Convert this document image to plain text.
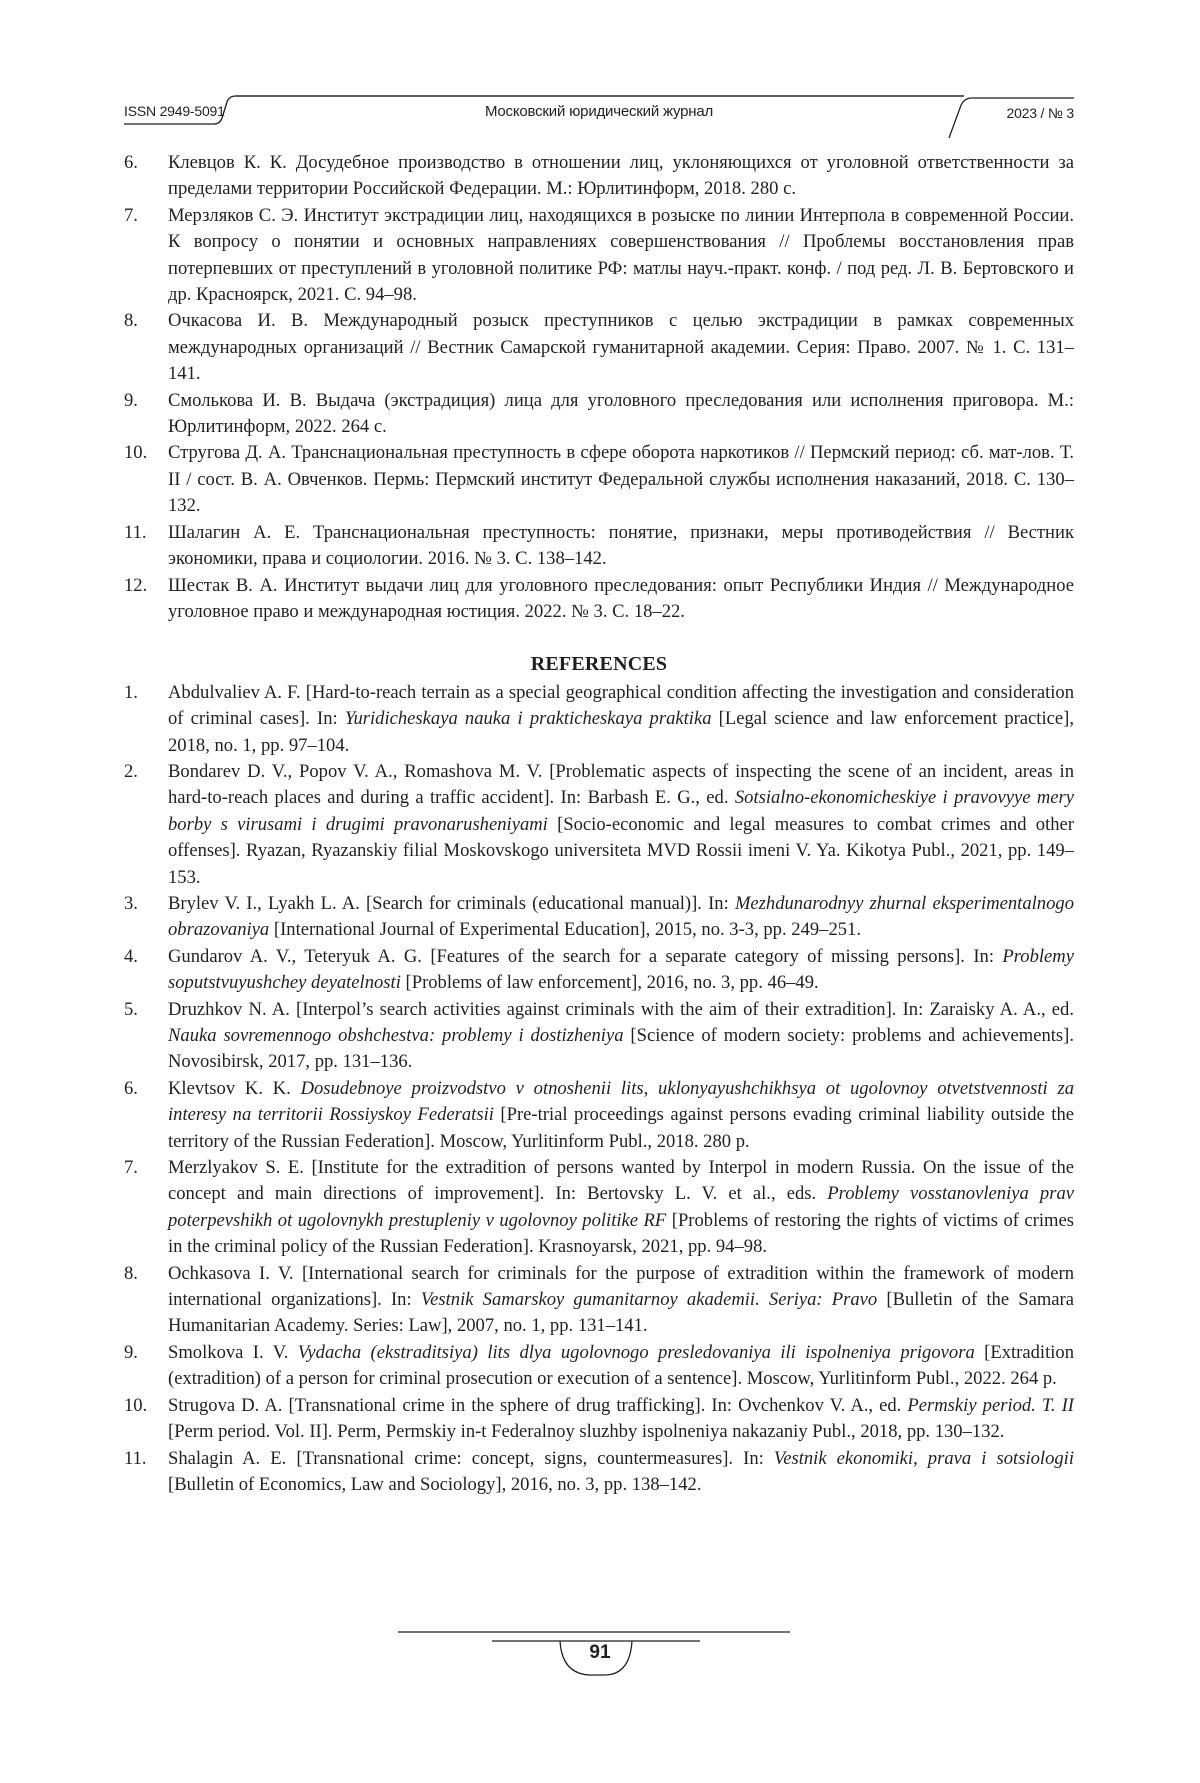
ISSN 2949-5091	Московский юридический журнал	2023 / № 3
6.	Клевцов К. К. Досудебное производство в отношении лиц, уклоняющихся от уголовной ответственности за пределами территории Российской Федерации. М.: Юрлитинформ, 2018. 280 с.
7.	Мерзляков С. Э. Институт экстрадиции лиц, находящихся в розыске по линии Интерпола в современной России. К вопросу о понятии и основных направлениях совершенствования // Проблемы восстановления прав потерпевших от преступлений в уголовной политике РФ: матлы науч.-практ. конф. / под ред. Л. В. Бертовского и др. Красноярск, 2021. С. 94–98.
8.	Очкасова И. В. Международный розыск преступников с целью экстрадиции в рамках современных международных организаций // Вестник Самарской гуманитарной академии. Серия: Право. 2007. № 1. С. 131–141.
9.	Смолькова И. В. Выдача (экстрадиция) лица для уголовного преследования или исполнения приговора. М.: Юрлитинформ, 2022. 264 с.
10.	Стругова Д. А. Транснациональная преступность в сфере оборота наркотиков // Пермский период: сб. мат-лов. Т. II / сост. В. А. Овченков. Пермь: Пермский институт Федеральной службы исполнения наказаний, 2018. С. 130–132.
11.	Шалагин А. Е. Транснациональная преступность: понятие, признаки, меры противодействия // Вестник экономики, права и социологии. 2016. № 3. С. 138–142.
12.	Шестак В. А. Институт выдачи лиц для уголовного преследования: опыт Республики Индия // Международное уголовное право и международная юстиция. 2022. № 3. С. 18–22.
REFERENCES
1.	Abdulvaliev A. F. [Hard-to-reach terrain as a special geographical condition affecting the investigation and consideration of criminal cases]. In: Yuridicheskaya nauka i prakticheskaya praktika [Legal science and law enforcement practice], 2018, no. 1, pp. 97–104.
2.	Bondarev D. V., Popov V. A., Romashova M. V. [Problematic aspects of inspecting the scene of an incident, areas in hard-to-reach places and during a traffic accident]. In: Barbash E. G., ed. Sotsialno-ekonomicheskiye i pravovyye mery borby s virusami i drugimi pravonarusheniyami [Socio-economic and legal measures to combat crimes and other offenses]. Ryazan, Ryazanskiy filial Moskovskogo universiteta MVD Rossii imeni V. Ya. Kikotya Publ., 2021, pp. 149–153.
3.	Brylev V. I., Lyakh L. A. [Search for criminals (educational manual)]. In: Mezhdunarodnyy zhurnal eksperimentalnogo obrazovaniya [International Journal of Experimental Education], 2015, no. 3-3, pp. 249–251.
4.	Gundarov A. V., Teteryuk A. G. [Features of the search for a separate category of missing persons]. In: Problemy soputstvuyushchey deyatelnosti [Problems of law enforcement], 2016, no. 3, pp. 46–49.
5.	Druzhkov N. A. [Interpol’s search activities against criminals with the aim of their extradition]. In: Zaraisky A. A., ed. Nauka sovremennogo obshchestva: problemy i dostizheniya [Science of modern society: problems and achievements]. Novosibirsk, 2017, pp. 131–136.
6.	Klevtsov K. K. Dosudebnoye proizvodstvo v otnoshenii lits, uklonyayushchikhsya ot ugolovnoy otvetstvennosti za interesy na territorii Rossiyskoy Federatsii [Pre-trial proceedings against persons evading criminal liability outside the territory of the Russian Federation]. Moscow, Yurlitinform Publ., 2018. 280 p.
7.	Merzlyakov S. E. [Institute for the extradition of persons wanted by Interpol in modern Russia. On the issue of the concept and main directions of improvement]. In: Bertovsky L. V. et al., eds. Problemy vosstanovleniya prav poterpevshikh ot ugolovnykh prestupleniy v ugolovnoy politike RF [Problems of restoring the rights of victims of crimes in the criminal policy of the Russian Federation]. Krasnoyarsk, 2021, pp. 94–98.
8.	Ochkasova I. V. [International search for criminals for the purpose of extradition within the framework of modern international organizations]. In: Vestnik Samarskoy gumanitarnoy akademii. Seriya: Pravo [Bulletin of the Samara Humanitarian Academy. Series: Law], 2007, no. 1, pp. 131–141.
9.	Smolkova I. V. Vydacha (ekstraditsiya) lits dlya ugolovnogo presledovaniya ili ispolneniya prigovora [Extradition (extradition) of a person for criminal prosecution or execution of a sentence]. Moscow, Yurlitinform Publ., 2022. 264 p.
10.	Strugova D. A. [Transnational crime in the sphere of drug trafficking]. In: Ovchenkov V. A., ed. Permskiy period. T. II [Perm period. Vol. II]. Perm, Permskiy in-t Federalnoy sluzhby ispolneniya nakazaniy Publ., 2018, pp. 130–132.
11.	Shalagin A. E. [Transnational crime: concept, signs, countermeasures]. In: Vestnik ekonomiki, prava i sotsiologii [Bulletin of Economics, Law and Sociology], 2016, no. 3, pp. 138–142.
91
